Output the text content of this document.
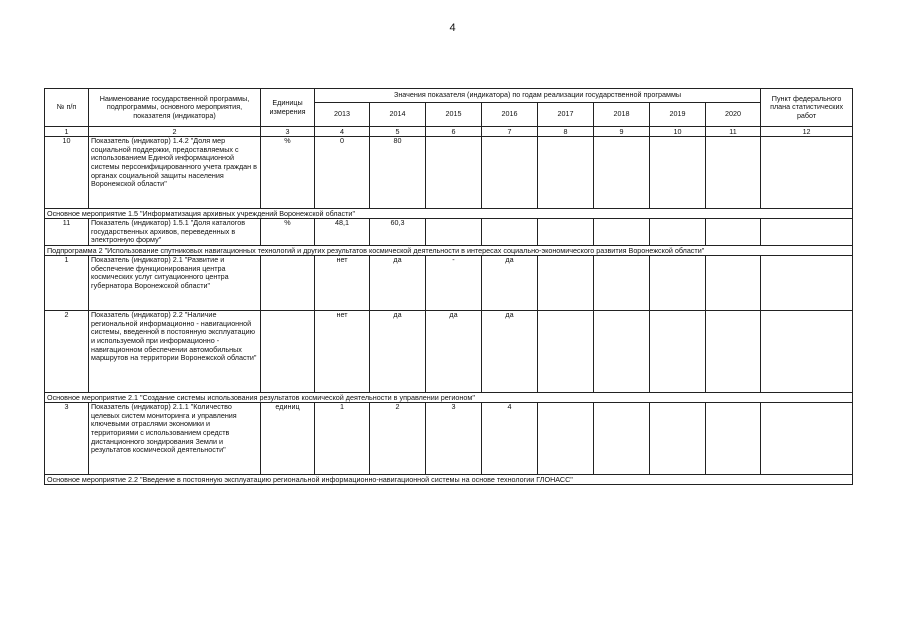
4
№ п/п	Наименование государственной программы, подпрограммы, основного мероприятия, показателя (индикатора)	Единицы измерения	Значения показателя (индикатора) по годам реализации государственной программы								Пункт федерального плана статистических работ
			2013	2014	2015	2016	2017	2018	2019	2020	
1	2	3	4	5	6	7	8	9	10	11	12
10	Показатель (индикатор) 1.4.2 "Доля мер социальной поддержки, предоставляемых с использованием Единой информационной системы персонифицированного учета граждан в органах социальной защиты населения Воронежской области"	%	0	80							
Основное мероприятие 1.5 "Информатизация архивных учреждений Воронежской области"											
11	Показатель (индикатор) 1.5.1 "Доля каталогов государственных архивов, переведенных в электронную форму"	%	48,1	60,3							
Подпрограмма 2 "Использование спутниковых навигационных технологий и других результатов космической деятельности в интересах социально-экономического развития Воронежской области"											
1	Показатель (индикатор) 2.1 "Развитие и обеспечение функционирования центра космических услуг ситуационного центра губернатора Воронежской области"		нет	да	-	да					
2	Показатель (индикатор) 2.2 "Наличие региональной информационно - навигационной системы, введенной в постоянную эксплуатацию и используемой при информационно - навигационном обеспечении автомобильных маршрутов на территории Воронежской области"		нет	да	да	да					
Основное мероприятие 2.1 "Создание системы использования результатов космической деятельности в управлении регионом"											
3	Показатель (индикатор) 2.1.1 "Количество целевых систем мониторинга и управления ключевыми отраслями экономики и территориями с использованием средств дистанционного зондирования Земли и результатов космической деятельности"	единиц	1	2	3	4					
Основное мероприятие 2.2 "Введение в постоянную эксплуатацию региональной информационно-навигационной системы на основе технологии ГЛОНАСС"											
